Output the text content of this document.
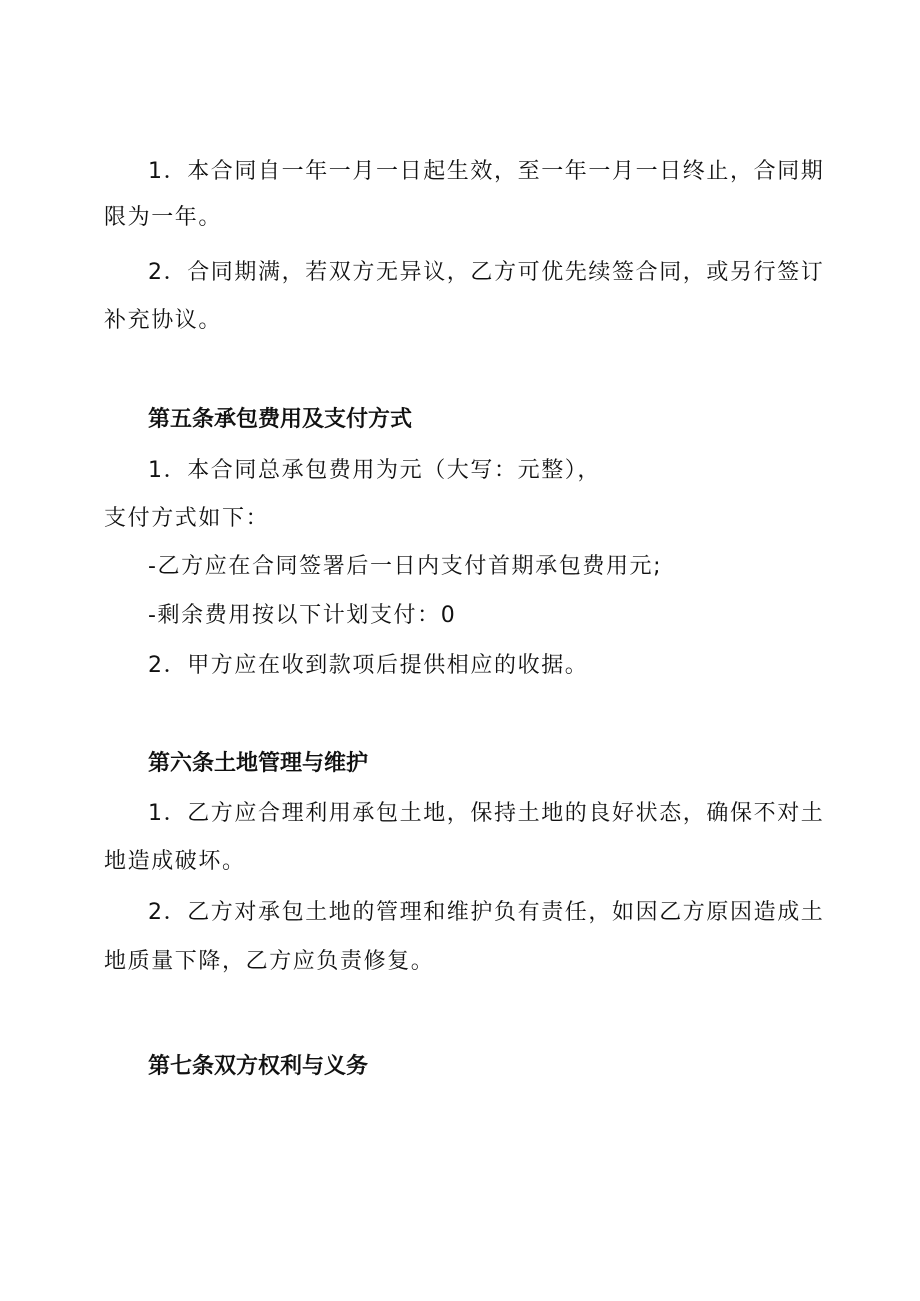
1．本合同自一年一月一日起生效，至一年一月一日终止，合同期
限为一年。
2．合同期满，若双方无异议，乙方可优先续签合同，或另行签订
补充协议。
第五条承包费用及支付方式
1．本合同总承包费用为元（大写：元整），
支付方式如下：
-乙方应在合同签署后一日内支付首期承包费用元;
-剩余费用按以下计划支付：0
2．甲方应在收到款项后提供相应的收据。
第六条土地管理与维护
1．乙方应合理利用承包土地，保持土地的良好状态，确保不对土
地造成破坏。
2．乙方对承包土地的管理和维护负有责任，如因乙方原因造成土
地质量下降，乙方应负责修复。
第七条双方权利与义务
